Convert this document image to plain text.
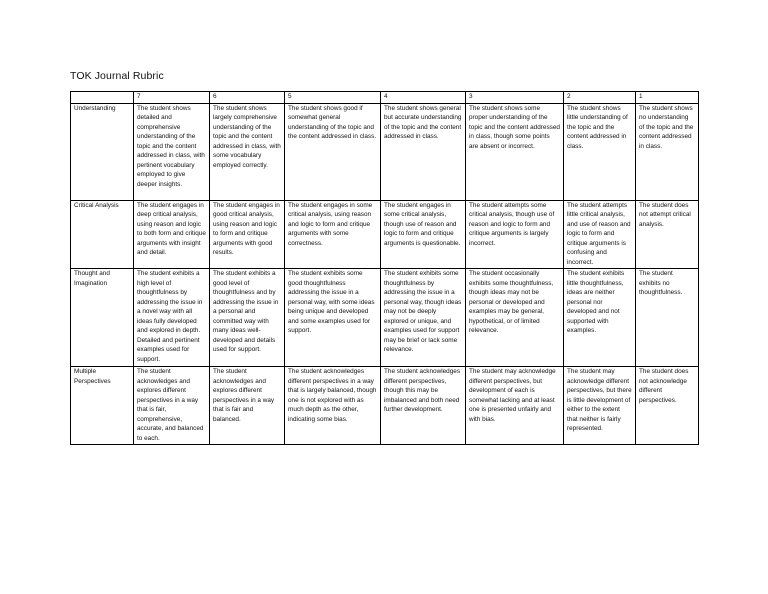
TOK Journal Rubric
	7	6	5	4	3	2	1
Understanding	The student shows detailed and comprehensive understanding of the topic and the content addressed in class, with pertinent vocabulary employed to give deeper insights.	The student shows largely comprehensive understanding of the topic and the content addressed in class, with some vocabulary employed correctly.	The student shows good if somewhat general understanding of the topic and the content addressed in class.	The student shows general but accurate understanding of the topic and the content addressed in class.	The student shows some proper understanding of the topic and the content addressed in class, though some points are absent or incorrect.	The student shows little understanding of the topic and the content addressed in class.	The student shows no understanding of the topic and the content addressed in class.
Critical Analysis	The student engages in deep critical analysis, using reason and logic to both form and critique arguments with insight and detail.	The student engages in good critical analysis, using reason and logic to form and critique arguments with good results.	The student engages in some critical analysis, using reason and logic to form and critique arguments with some correctness.	The student engages in some critical analysis, though use of reason and logic to form and critique arguments is questionable.	The student attempts some critical analysis, though use of reason and logic to form and critique arguments is largely incorrect.	The student attempts little critical analysis, and use of reason and logic to form and critique arguments is confusing and incorrect.	The student does not attempt critical analysis.
Thought and Imagination	The student exhibits a high level of thoughtfulness by addressing the issue in a novel way with all ideas fully developed and explored in depth. Detailed and pertinent examples used for support.	The student exhibits a good level of thoughtfulness and by addressing the issue in a personal and committed way with many ideas well-developed and details used for support.	The student exhibits some good thoughtfulness addressing the issue in a personal way, with some ideas being unique and developed and some examples used for support.	The student exhibits some thoughtfulness by addressing the issue in a personal way, though ideas may not be deeply explored or unique, and examples used for support may be brief or lack some relevance.	The student occasionally exhibits some thoughtfulness, though ideas may not be personal or developed and examples may be general, hypothetical, or of limited relevance.	The student exhibits little thoughtfulness, ideas are neither personal nor developed and not supported with examples.	The student exhibits no thoughtfulness.
Multiple Perspectives	The student acknowledges and explores different perspectives in a way that is fair, comprehensive, accurate, and balanced to each.	The student acknowledges and explores different perspectives in a way that is fair and balanced.	The student acknowledges different perspectives in a way that is largely balanced, though one is not explored with as much depth as the other, indicating some bias.	The student acknowledges different perspectives, though this may be imbalanced and both need further development.	The student may acknowledge different perspectives, but development of each is somewhat lacking and at least one is presented unfairly and with bias.	The student may acknowledge different perspectives, but there is little development of either to the extent that neither is fairly represented.	The student does not acknowledge different perspectives.
